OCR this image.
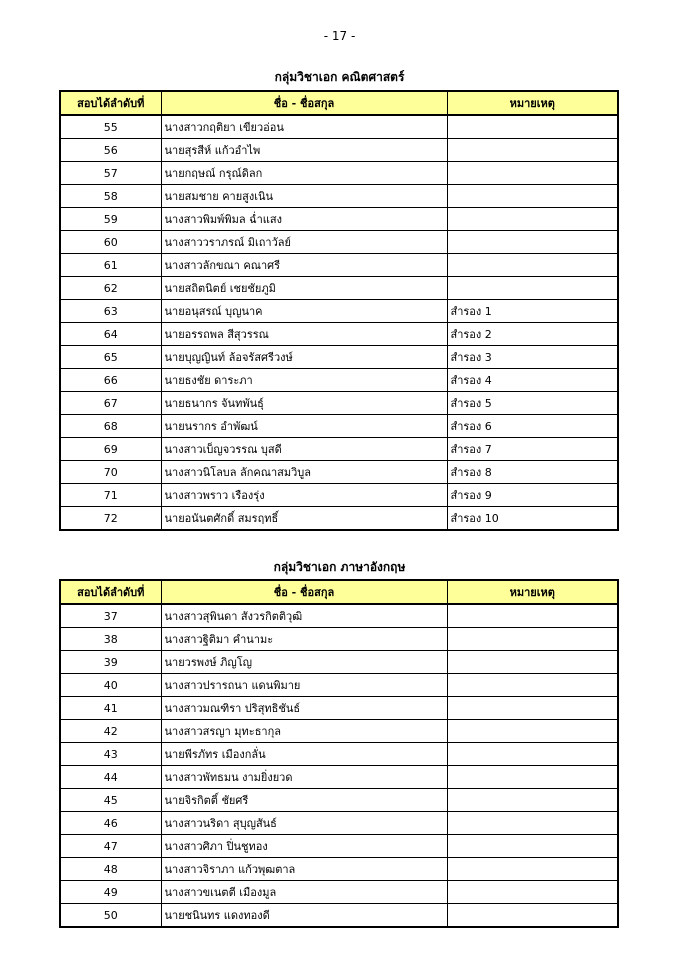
- 17 -
กลุ่มวิชาเอก คณิตศาสตร์
สอบได้ลำดับที่	ชื่อ - ชื่อสกุล	หมายเหตุ
55	นางสาวกฤติยา เขียวอ่อน	
56	นายสุรสีห์ แก้วอำไพ	
57	นายกฤษณ์ กรุณ์ดิลก	
58	นายสมชาย คายสูงเนิน	
59	นางสาวพิมพ์พิมล ฉ่ำแสง	
60	นางสาววราภรณ์ มิเถาวัลย์	
61	นางสาวลักขณา คณาศรี	
62	นายสถิตนิตย์ เชยชัยภูมิ	
63	นายอนุสรณ์ บุญนาค	สำรอง 1
64	นายอรรถพล สีสุวรรณ	สำรอง 2
65	นายบุญญินท์ ล้อจรัสศรีวงษ์	สำรอง 3
66	นายธงชัย ดาระภา	สำรอง 4
67	นายธนากร จันทพันธุ์	สำรอง 5
68	นายนรากร อำพัฒน์	สำรอง 6
69	นางสาวเบ็ญจวรรณ บุสดี	สำรอง 7
70	นางสาวนิโลบล ลักคณาสมวิบูล	สำรอง 8
71	นางสาวพราว เรืองรุ่ง	สำรอง 9
72	นายอนันตศักดิ์ สมรฤทธิ์	สำรอง 10
กลุ่มวิชาเอก ภาษาอังกฤษ
สอบได้ลำดับที่	ชื่อ - ชื่อสกุล	หมายเหตุ
37	นางสาวสุพินดา สังวรกิตติวุฒิ	
38	นางสาวฐิติมา คำนามะ	
39	นายวรพงษ์ ภิญโญ	
40	นางสาวปรารถนา แดนพิมาย	
41	นางสาวมณฑิรา ปริสุทธิชันธ์	
42	นางสาวสรญา มุทะธากุล	
43	นายพีรภัทร เมืองกลั่น	
44	นางสาวพัทธมน งามยิ่งยวด	
45	นายจิรกิตติ์ ชัยศรี	
46	นางสาวนริดา สุบุญสันธ์	
47	นางสาวศิภา ปิ่นชูทอง	
48	นางสาวจิราภา แก้วพุฒตาล	
49	นางสาวขเนตตี เมืองมูล	
50	นายชนินทร แดงทองดี	
